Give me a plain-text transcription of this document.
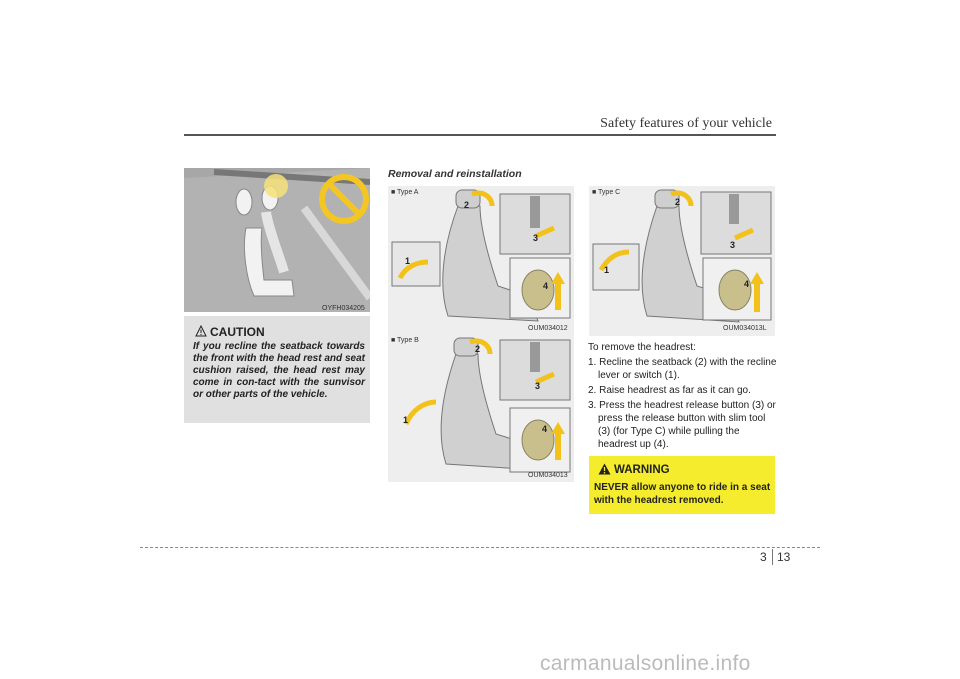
Safety features of your vehicle
OYFH034205
CAUTION
If you recline the seatback towards the front with the head rest and seat cushion raised, the head rest may come in con-tact with the sunvisor or other parts of the vehicle.
Removal and reinstallation
■ Type A
OUM034012
1
2
3
4
■ Type B
OUM034013
1
2
3
4
■ Type C
OUM034013L
1
2
3
4
To remove the headrest:
1. Recline the seatback (2) with the recline lever or switch (1).
2. Raise headrest as far as it can go.
3. Press the headrest release button (3) or press the release button with slim tool (3) (for Type C) while pulling the headrest up (4).
WARNING
NEVER allow anyone to ride in a seat with the headrest removed.
3 13
carmanualsonline.info
